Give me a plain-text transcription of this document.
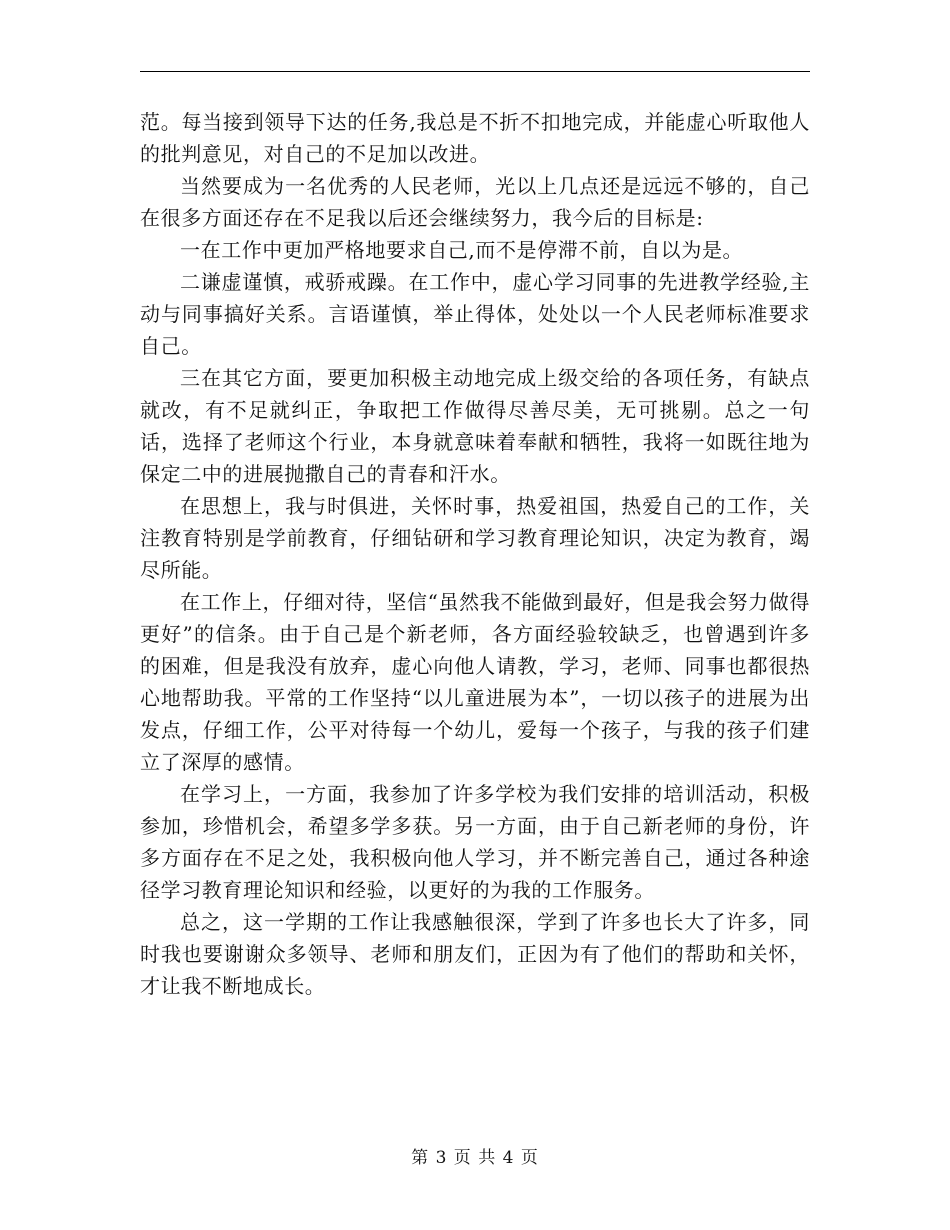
范。每当接到领导下达的任务,我总是不折不扣地完成，并能虚心听取他人的批判意见，对自己的不足加以改进。

当然要成为一名优秀的人民老师，光以上几点还是远远不够的，自己在很多方面还存在不足我以后还会继续努力，我今后的目标是:

一在工作中更加严格地要求自己,而不是停滞不前，自以为是。

二谦虚谨慎，戒骄戒躁。在工作中，虚心学习同事的先进教学经验,主动与同事搞好关系。言语谨慎，举止得体，处处以一个人民老师标准要求自己。

三在其它方面，要更加积极主动地完成上级交给的各项任务，有缺点就改，有不足就纠正，争取把工作做得尽善尽美，无可挑剔。总之一句话，选择了老师这个行业，本身就意味着奉献和牺牲，我将一如既往地为保定二中的进展抛撒自己的青春和汗水。

在思想上，我与时俱进，关怀时事，热爱祖国，热爱自己的工作，关注教育特别是学前教育，仔细钻研和学习教育理论知识，决定为教育，竭尽所能。

在工作上，仔细对待，坚信“虽然我不能做到最好，但是我会努力做得更好”的信条。由于自己是个新老师，各方面经验较缺乏，也曾遇到许多的困难，但是我没有放弃，虚心向他人请教，学习，老师、同事也都很热心地帮助我。平常的工作坚持“以儿童进展为本”，一切以孩子的进展为出发点，仔细工作，公平对待每一个幼儿，爱每一个孩子，与我的孩子们建立了深厚的感情。

在学习上，一方面，我参加了许多学校为我们安排的培训活动，积极参加，珍惜机会，希望多学多获。另一方面，由于自己新老师的身份，许多方面存在不足之处，我积极向他人学习，并不断完善自己，通过各种途径学习教育理论知识和经验，以更好的为我的工作服务。

总之，这一学期的工作让我感触很深，学到了许多也长大了许多，同时我也要谢谢众多领导、老师和朋友们，正因为有了他们的帮助和关怀，才让我不断地成长。

第 3 页 共 4 页
